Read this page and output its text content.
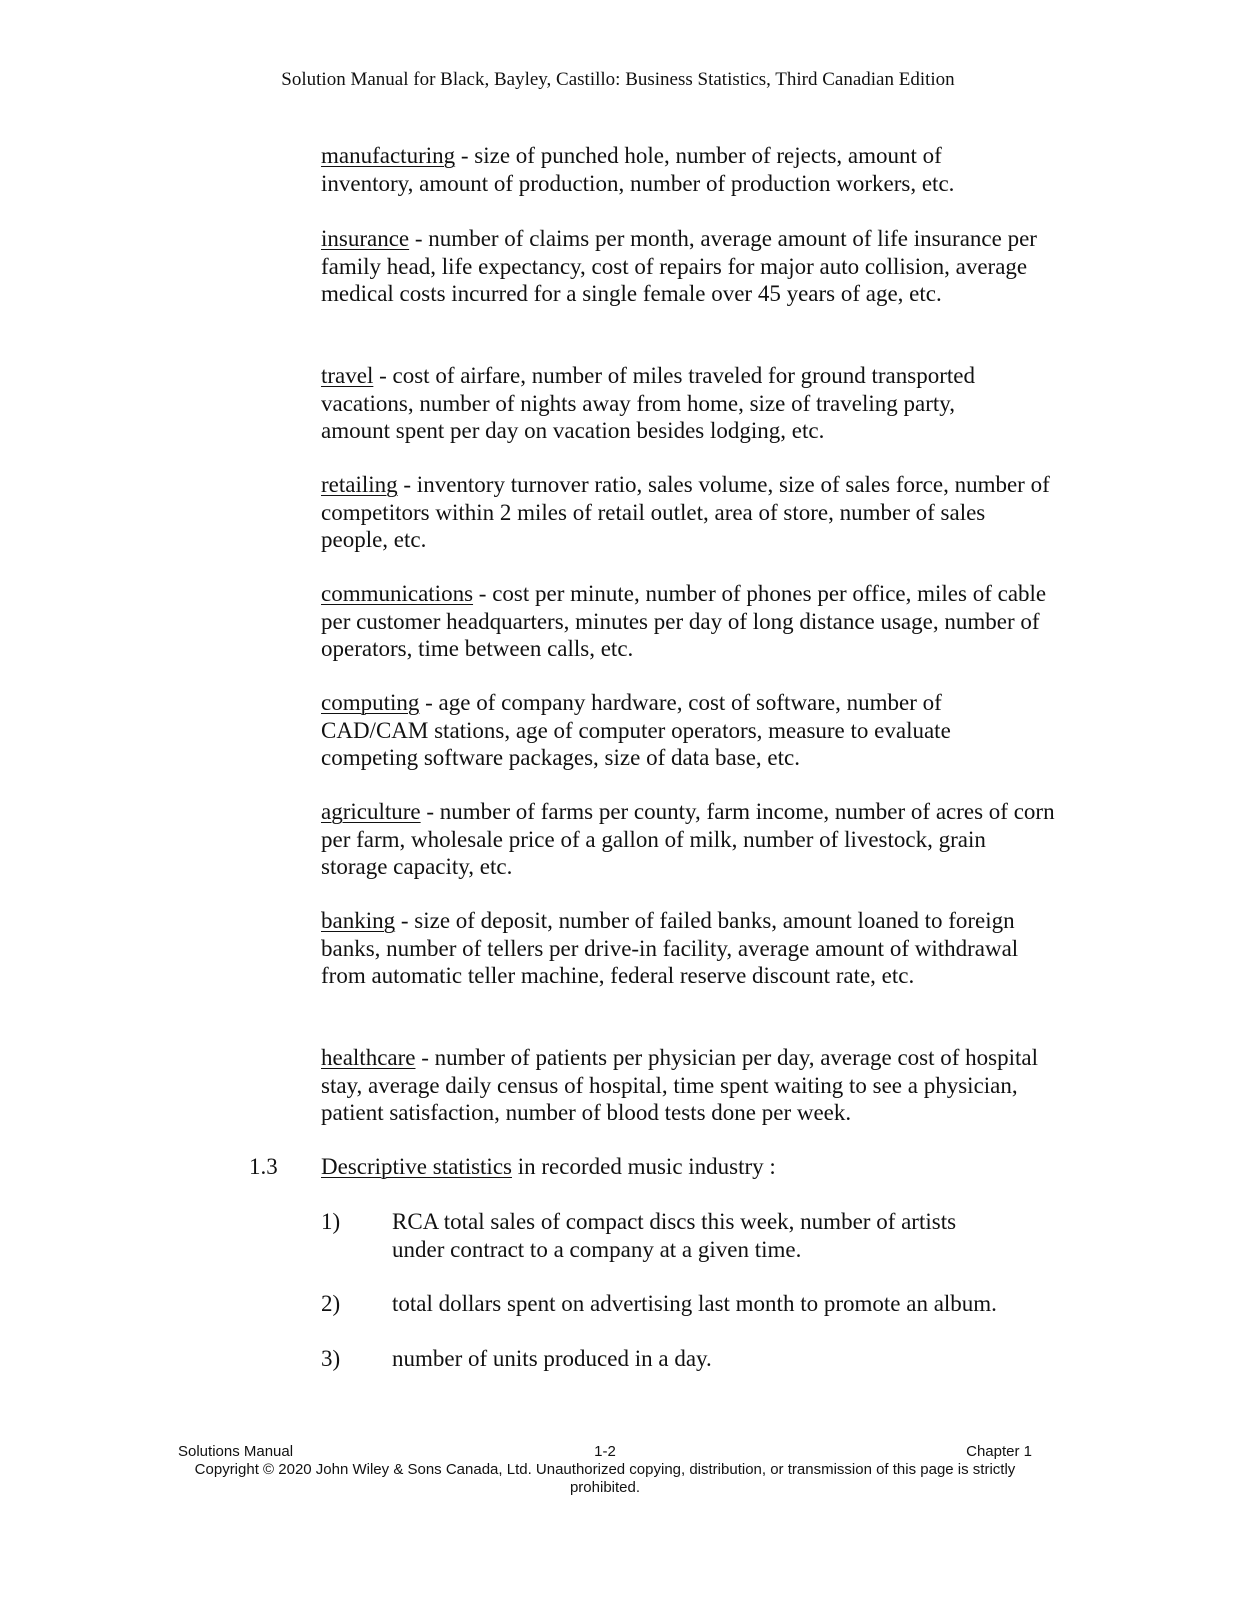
Solution Manual for Black, Bayley, Castillo: Business Statistics, Third Canadian Edition

manufacturing - size of punched hole, number of rejects, amount of inventory, amount of production, number of production workers, etc.

insurance - number of claims per month, average amount of life insurance per family head, life expectancy, cost of repairs for major auto collision, average medical costs incurred for a single female over 45 years of age, etc.

travel - cost of airfare, number of miles traveled for ground transported vacations, number of nights away from home, size of traveling party, amount spent per day on vacation besides lodging, etc.

retailing - inventory turnover ratio, sales volume, size of sales force, number of competitors within 2 miles of retail outlet, area of store, number of sales people, etc.

communications - cost per minute, number of phones per office, miles of cable per customer headquarters, minutes per day of long distance usage, number of operators, time between calls, etc.

computing - age of company hardware, cost of software, number of CAD/CAM stations, age of computer operators, measure to evaluate competing software packages, size of data base, etc.

agriculture - number of farms per county, farm income, number of acres of corn per farm, wholesale price of a gallon of milk, number of livestock, grain storage capacity, etc.

banking - size of deposit, number of failed banks, amount loaned to foreign banks, number of tellers per drive-in facility, average amount of withdrawal from automatic teller machine, federal reserve discount rate, etc.

healthcare - number of patients per physician per day, average cost of hospital stay, average daily census of hospital, time spent waiting to see a physician, patient satisfaction, number of blood tests done per week.

1.3 Descriptive statistics in recorded music industry :

1) RCA total sales of compact discs this week, number of artists under contract to a company at a given time.

2) total dollars spent on advertising last month to promote an album.

3) number of units produced in a day.

Solutions Manual	1-2	Chapter 1
Copyright © 2020 John Wiley & Sons Canada, Ltd. Unauthorized copying, distribution, or transmission of this page is strictly prohibited.
